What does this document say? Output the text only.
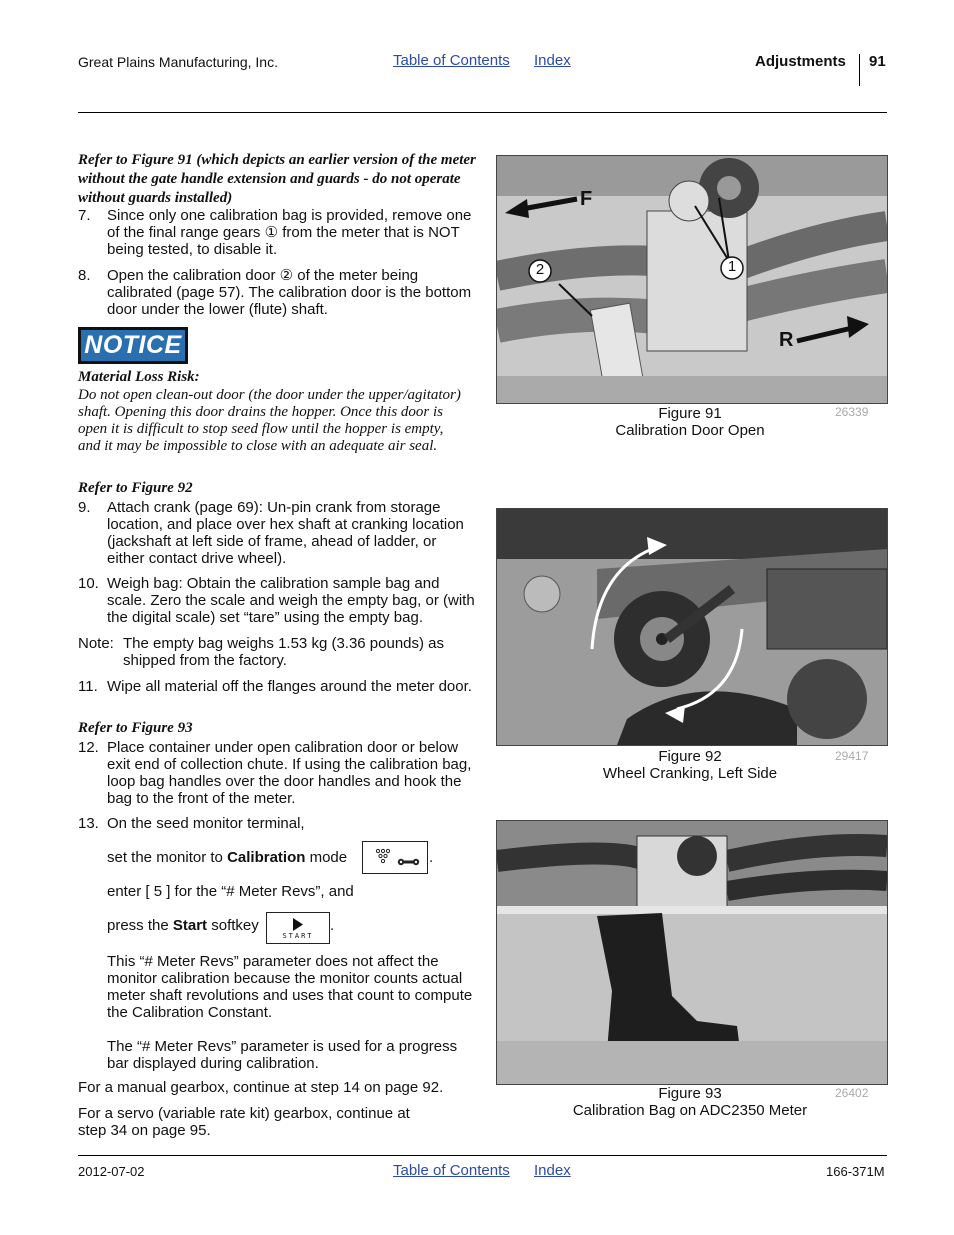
Great Plains Manufacturing, Inc.	Table of Contents Index	Adjustments 91
Refer to Figure 91 (which depicts an earlier version of the meter without the gate handle extension and guards - do not operate without guards installed)
7. Since only one calibration bag is provided, remove one of the final range gears ① from the meter that is NOT being tested, to disable it.
8. Open the calibration door ② of the meter being calibrated (page 57). The calibration door is the bottom door under the lower (flute) shaft.
NOTICE
Material Loss Risk:
Do not open clean-out door (the door under the upper/agitator) shaft. Opening this door drains the hopper. Once this door is open it is difficult to stop seed flow until the hopper is empty, and it may be impossible to close with an adequate air seal.
Refer to Figure 92
9. Attach crank (page 69): Un-pin crank from storage location, and place over hex shaft at cranking location (jackshaft at left side of frame, ahead of ladder, or either contact drive wheel).
10. Weigh bag: Obtain the calibration sample bag and scale. Zero the scale and weigh the empty bag, or (with the digital scale) set “tare” using the empty bag.
Note: The empty bag weighs 1.53 kg (3.36 pounds) as shipped from the factory.
11. Wipe all material off the flanges around the meter door.
Refer to Figure 93
12. Place container under open calibration door or below exit end of collection chute. If using the calibration bag, loop bag handles over the door handles and hook the bag to the front of the meter.
13. On the seed monitor terminal,
set the monitor to Calibration mode	.
enter [ 5 ] for the “# Meter Revs”, and
press the Start softkey
START
.
This “# Meter Revs” parameter does not affect the monitor calibration because the monitor counts actual meter shaft revolutions and uses that count to compute the Calibration Constant.
The “# Meter Revs” parameter is used for a progress bar displayed during calibration.
For a manual gearbox, continue at step 14 on page 92.
For a servo (variable rate kit) gearbox, continue at step 34 on page 95.
F
R
2	1
Figure 91
Calibration Door Open
26339
Figure 92
Wheel Cranking, Left Side
29417
Figure 93
Calibration Bag on ADC2350 Meter
26402
2012-07-02	Table of Contents Index	166-371M
